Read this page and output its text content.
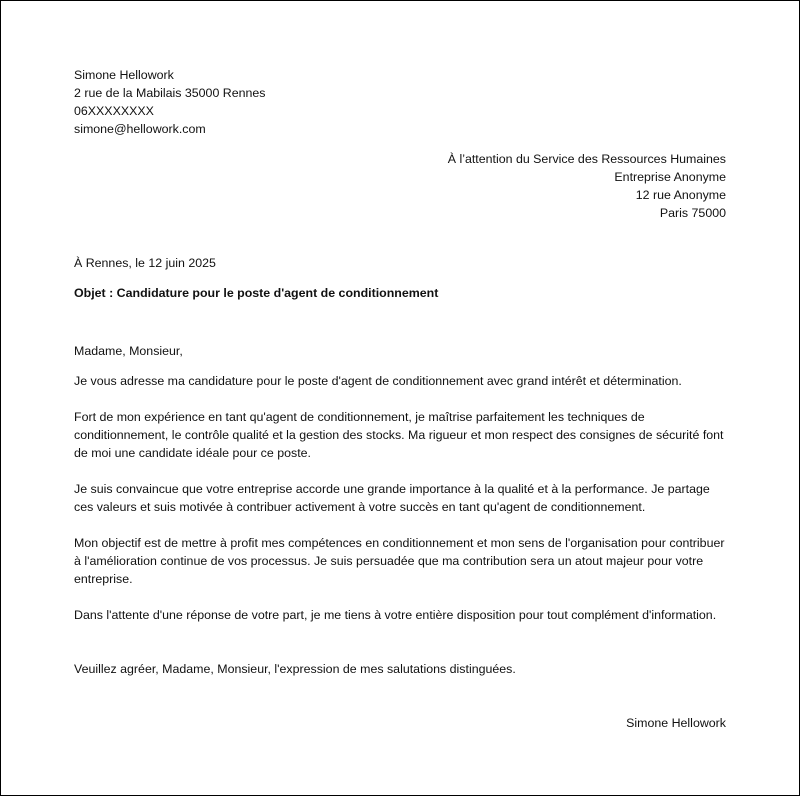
Simone Hellowork
2 rue de la Mabilais 35000 Rennes
06XXXXXXXX
simone@hellowork.com
À l’attention du Service des Ressources Humaines
Entreprise Anonyme
12 rue Anonyme
Paris 75000
À Rennes, le 12 juin 2025
Objet : Candidature pour le poste d'agent de conditionnement
Madame, Monsieur,
Je vous adresse ma candidature pour le poste d'agent de conditionnement avec grand intérêt et détermination.
Fort de mon expérience en tant qu'agent de conditionnement, je maîtrise parfaitement les techniques de conditionnement, le contrôle qualité et la gestion des stocks. Ma rigueur et mon respect des consignes de sécurité font de moi une candidate idéale pour ce poste.
Je suis convaincue que votre entreprise accorde une grande importance à la qualité et à la performance. Je partage ces valeurs et suis motivée à contribuer activement à votre succès en tant qu'agent de conditionnement.
Mon objectif est de mettre à profit mes compétences en conditionnement et mon sens de l'organisation pour contribuer à l'amélioration continue de vos processus. Je suis persuadée que ma contribution sera un atout majeur pour votre entreprise.
Dans l'attente d'une réponse de votre part, je me tiens à votre entière disposition pour tout complément d'information.
Veuillez agréer, Madame, Monsieur, l'expression de mes salutations distinguées.
Simone Hellowork
